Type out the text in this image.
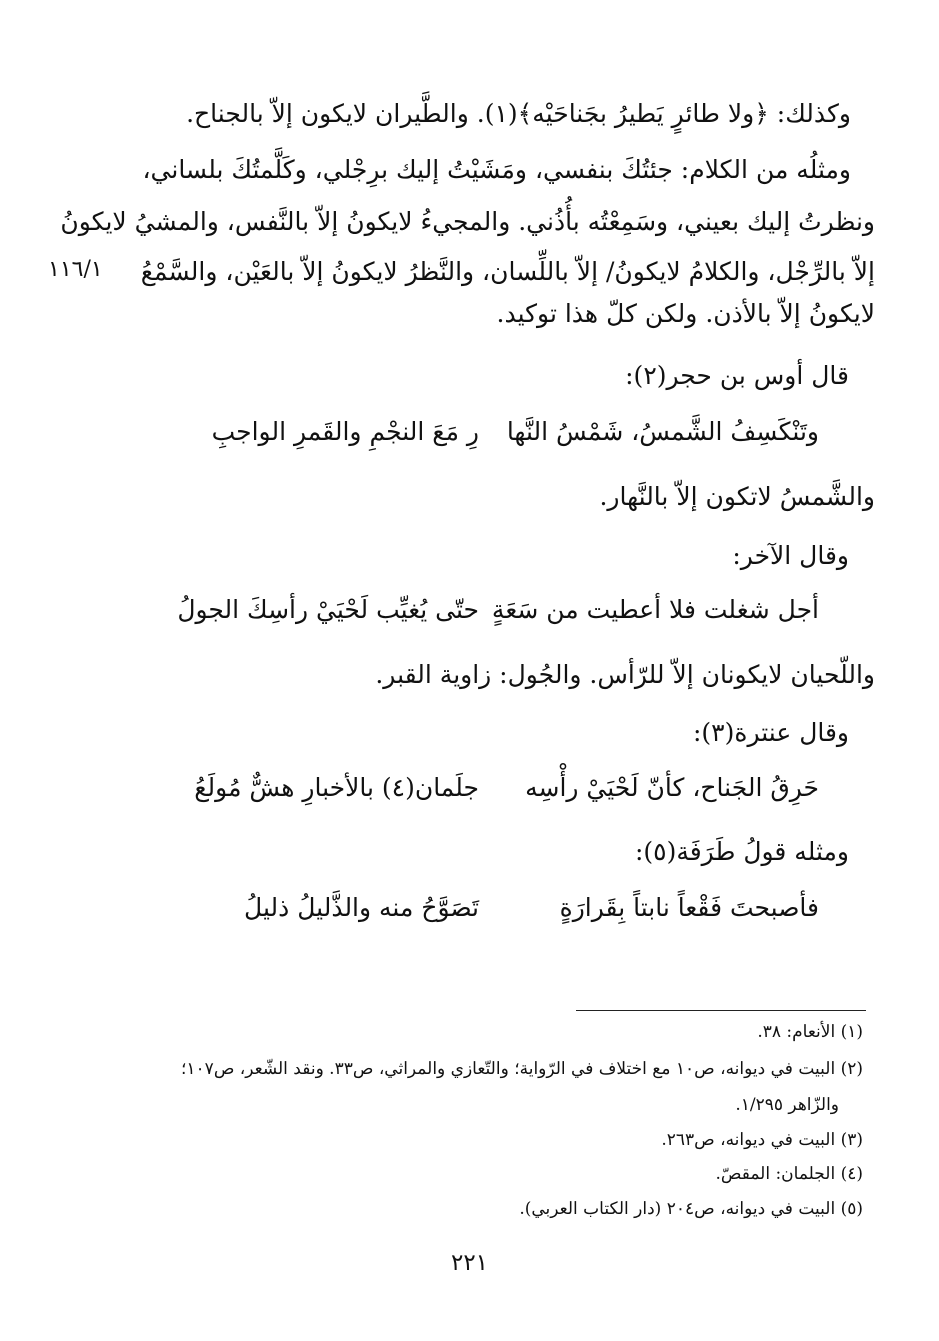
وكذلك: ﴿ولا طائرٍ يَطيرُ بجَناحَيْه﴾(١). والطَّيران لايكون إلاّ بالجناح.
ومثلُه من الكلام: جئتُكَ بنفسي، ومَشَيْتُ إليك برِجْلي، وكَلَّمتُكَ بلساني،
ونظرتُ إليك بعيني، وسَمِعْتُه بأُذُني. والمجيءُ لايكونُ إلاّ بالنَّفس، والمشيُ لايكونُ
إلاّ بالرِّجْل، والكلامُ لايكونُ/ إلاّ باللِّسان، والنَّظرُ لايكونُ إلاّ بالعَيْن، والسَّمْعُ
لايكونُ إلاّ بالأذن. ولكن كلّ هذا توكيد.
١١٦/١
قال أوس بن حجر(٢):
وتَنْكَسِفُ الشَّمسُ، شَمْسُ النَّها
رِ مَعَ النجْمِ والقَمرِ الواجبِ
والشَّمسُ لاتكون إلاّ بالنَّهار.
وقال الآخر:
أجل شغلت فلا أعطيت من سَعَةٍ
حتّى يُغيِّب لَحْيَيْ رأسِكَ الجولُ
واللّحيان لايكونان إلاّ للرّأس. والجُول: زاوية القبر.
وقال عنترة(٣):
حَرِقُ الجَناح، كأنّ لَحْيَيْ رأْسِه
جلَمان(٤) بالأخبارِ هشٌّ مُولَعُ
ومثله قولُ طَرَفَة(٥):
فأصبحتَ فَقْعاً نابتاً بِقَرارَةٍ
تَصَوَّحُ منه والذَّليلُ ذليلُ
(١) الأنعام: ٣٨.
(٢) البيت في ديوانه، ص١٠ مع اختلاف في الرّواية؛ والتّعازي والمراثي، ص٣٣. ونقد الشّعر، ص١٠٧؛
والزّاهر ١/٢٩٥.
(٣) البيت في ديوانه، ص٢٦٣.
(٤) الجلمان: المقصّ.
(٥) البيت في ديوانه، ص٢٠٤ (دار الكتاب العربي).
٢٢١
